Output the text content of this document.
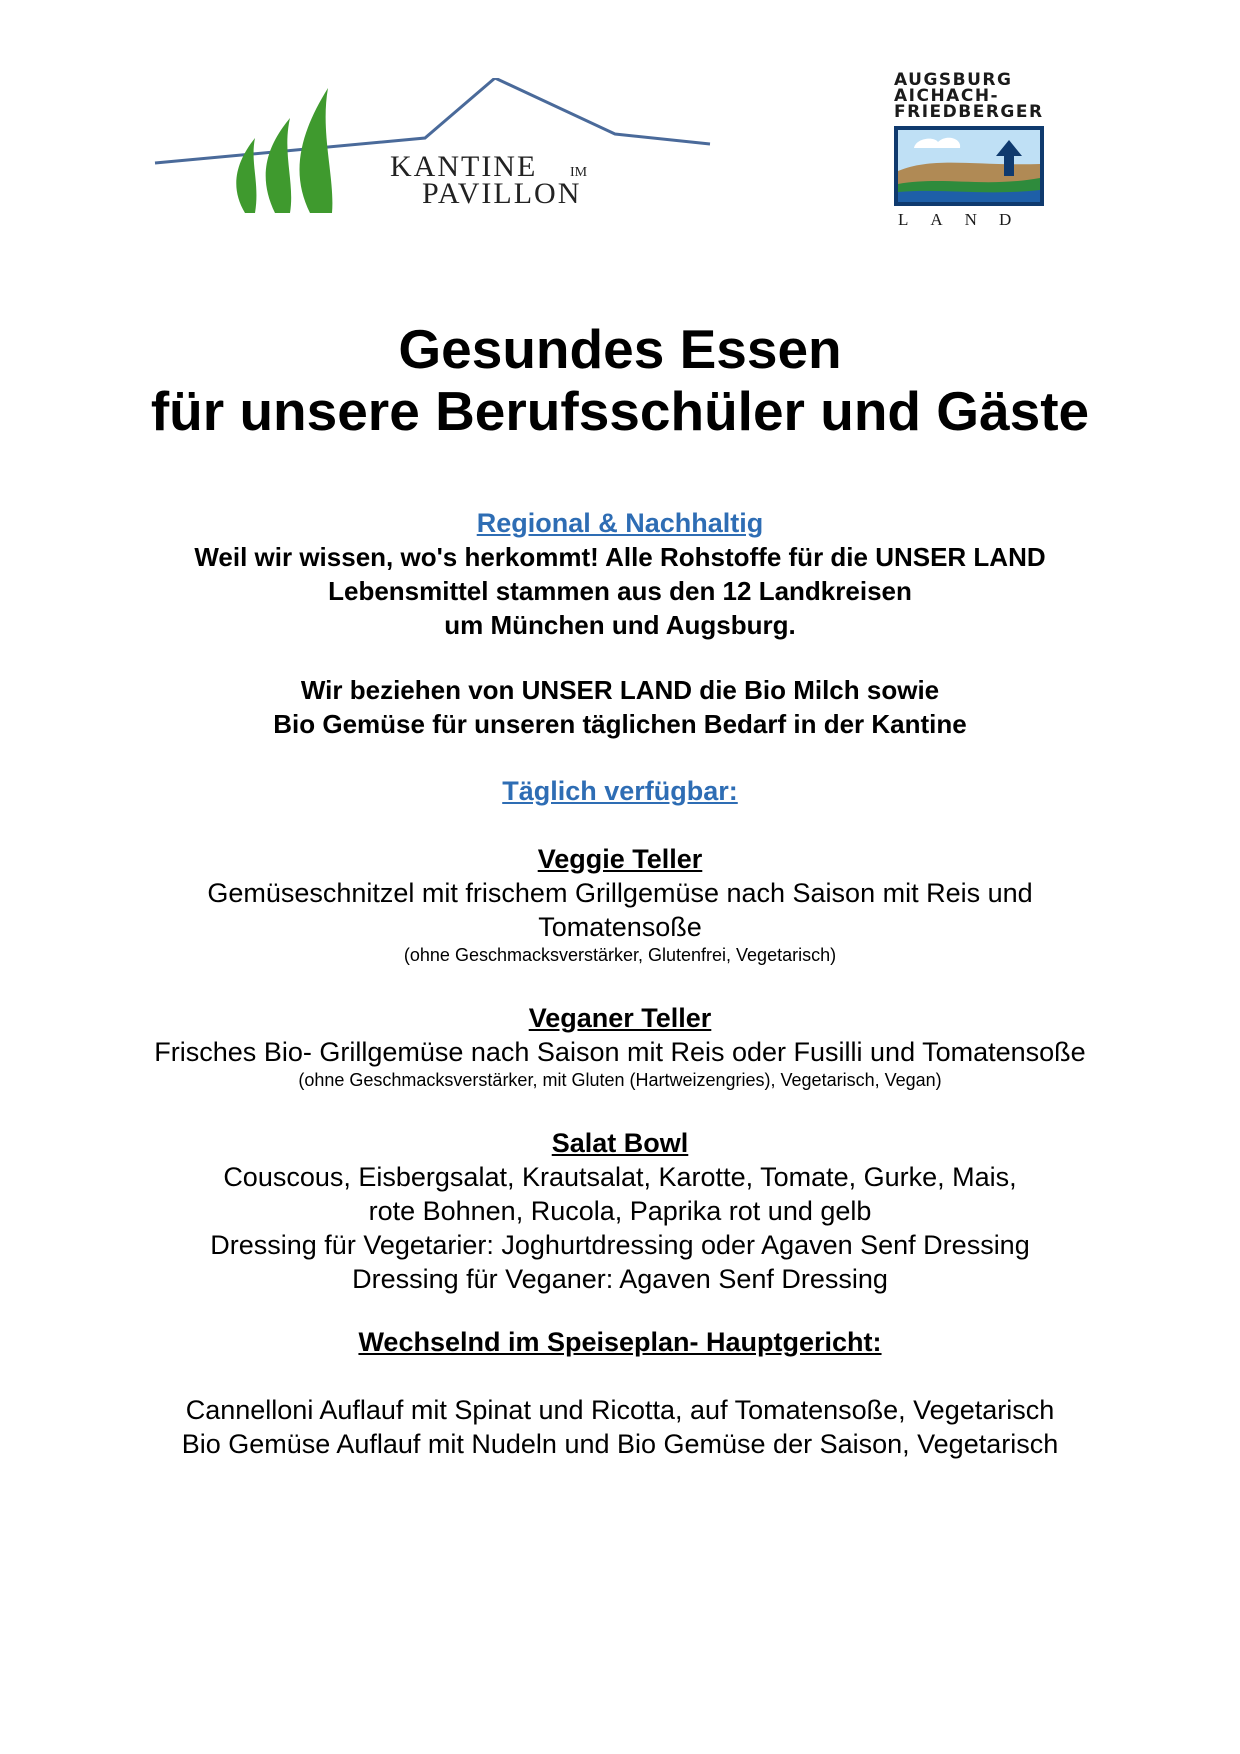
KANTINE IM
PAVILLON
AUGSBURG
AICHACH-
FRIEDBERGER
LAND
Gesundes Essen
für unsere Berufsschüler und Gäste
Regional & Nachhaltig
Weil wir wissen, wo's herkommt! Alle Rohstoffe für die UNSER LAND
Lebensmittel stammen aus den 12 Landkreisen
um München und Augsburg.
Wir beziehen von UNSER LAND die Bio Milch sowie
Bio Gemüse für unseren täglichen Bedarf in der Kantine
Täglich verfügbar:
Veggie Teller
Gemüseschnitzel mit frischem Grillgemüse nach Saison mit Reis und
Tomatensoße
(ohne Geschmacksverstärker, Glutenfrei, Vegetarisch)
Veganer Teller
Frisches Bio- Grillgemüse nach Saison mit Reis oder Fusilli und Tomatensoße
(ohne Geschmacksverstärker, mit Gluten (Hartweizengries), Vegetarisch, Vegan)
Salat Bowl
Couscous, Eisbergsalat, Krautsalat, Karotte, Tomate, Gurke, Mais,
rote Bohnen, Rucola, Paprika rot und gelb
Dressing für Vegetarier: Joghurtdressing oder Agaven Senf Dressing
Dressing für Veganer: Agaven Senf Dressing
Wechselnd im Speiseplan- Hauptgericht:
Cannelloni Auflauf mit Spinat und Ricotta, auf Tomatensoße, Vegetarisch
Bio Gemüse Auflauf mit Nudeln und Bio Gemüse der Saison, Vegetarisch
